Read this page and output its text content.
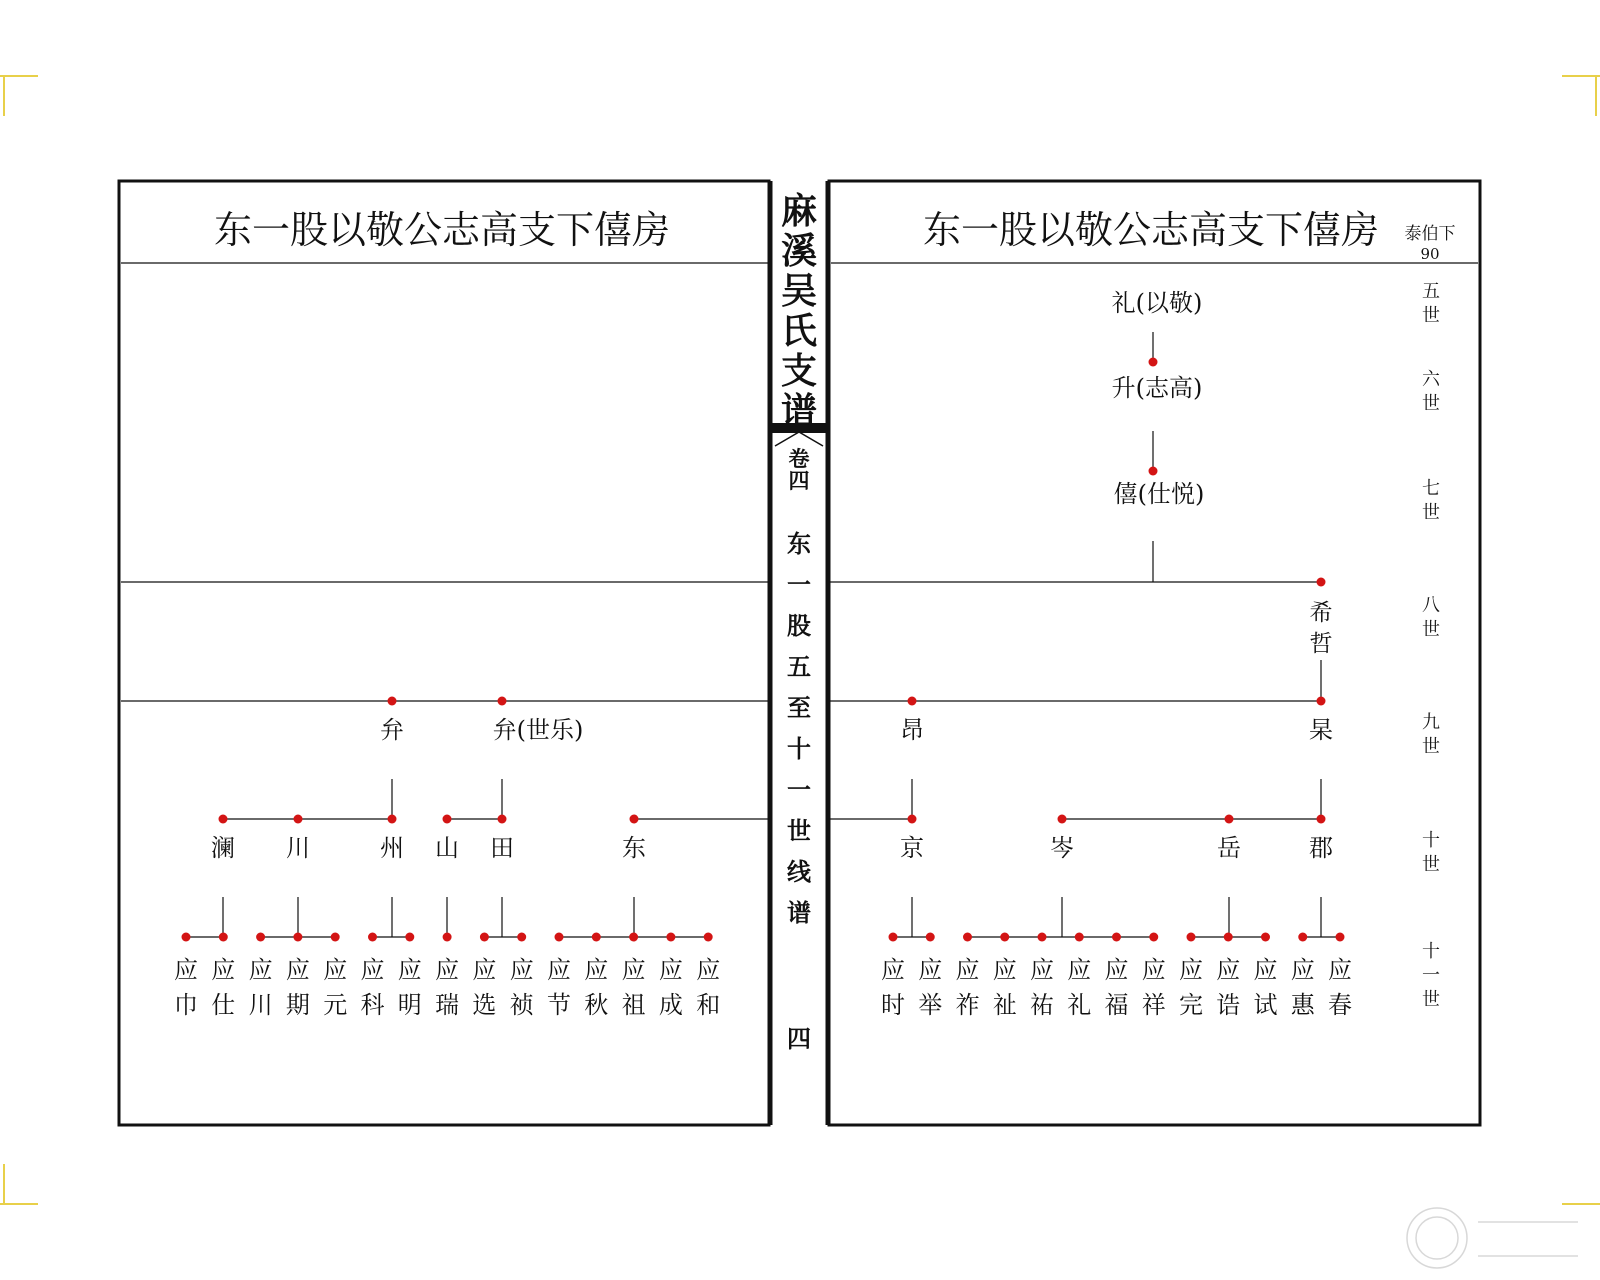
东一股以敬公志高支下僖房	东一股以敬公志高支下僖房 泰伯下
90
麻
溪
吴
氏
支
谱
卷
四
东
一
股
五
至
十
一
世
线
谱
四
五
世
六
世
七
世
八
世
九
世
十
世
十
一
世
礼(以敬)
升(志高)
僖(仕悦)
希
哲
昂	杲
弁	弁(世乐)
京	岑	岳	郡
澜 川	州 山 田	东
应
巾
应
仕
应
川
应
期
应
元
应
科
应
明
应
瑞
应
选
应
祯
应
节
应
秋
应
祖
应
成
应
和
应
时
应
举
应
祚
应
祉
应
祐
应
礼
应
福
应
祥
应
完
应
诰
应
试
应
惠
应
春
